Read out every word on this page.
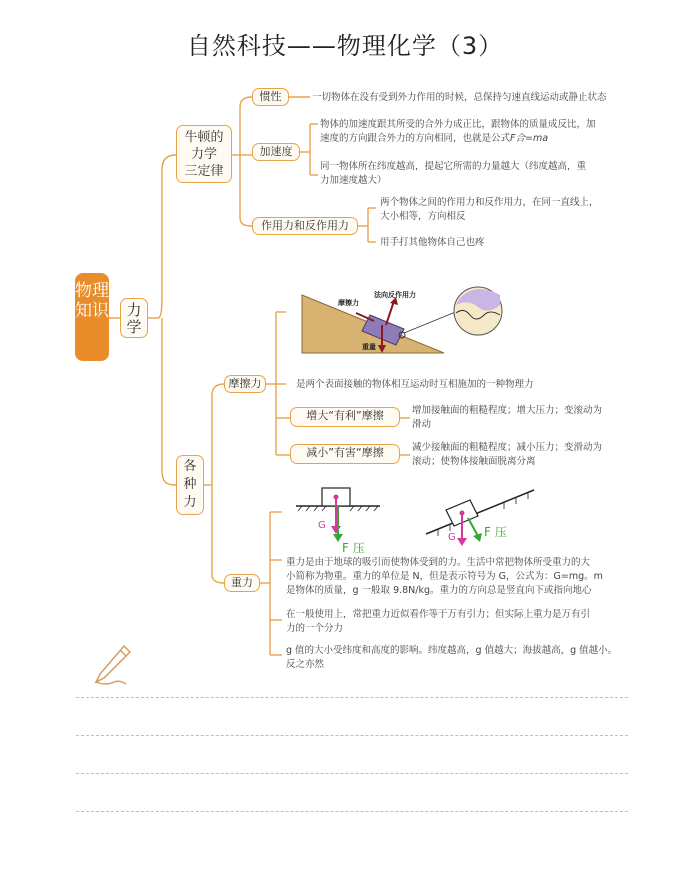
自然科技——物理化学（3）
物理
知识	力学
牛顿的
力学
三定律
惯性	一切物体在没有受到外力作用的时候，总保持匀速直线运动或静止状态
加速度
物体的加速度跟其所受的合外力成正比，跟物体的质量成反比，加
速度的方向跟合外力的方向相同，也就是公式F合=ma
同一物体所在纬度越高，提起它所需的力量越大（纬度越高，重
力加速度越大）
作用力和反作用力
两个物体之间的作用力和反作用力，在同一直线上，
大小相等，方向相反
用手打其他物体自己也疼
摩擦力
法向反作用力
重量
各
种
力
摩擦力	是两个表面接触的物体相互运动时互相施加的一种物理力
增大“有利”摩擦	增加接触面的粗糙程度；增大压力；变滚动为
滑动
减小”有害“摩擦	减少接触面的粗糙程度；减小压力；变滑动为
滚动；使物体接触面脱离分离
G
F 压
G F 压
重力
重力是由于地球的吸引而使物体受到的力。生活中常把物体所受重力的大
小简称为物重。重力的单位是 N，但是表示符号为 G，公式为：G=mg。m
是物体的质量，g 一般取 9.8N/kg。重力的方向总是竖直向下或指向地心
在一般使用上，常把重力近似看作等于万有引力；但实际上重力是万有引
力的一个分力
g 值的大小受纬度和高度的影响。纬度越高，g 值越大；海拔越高，g 值越小。
反之亦然
